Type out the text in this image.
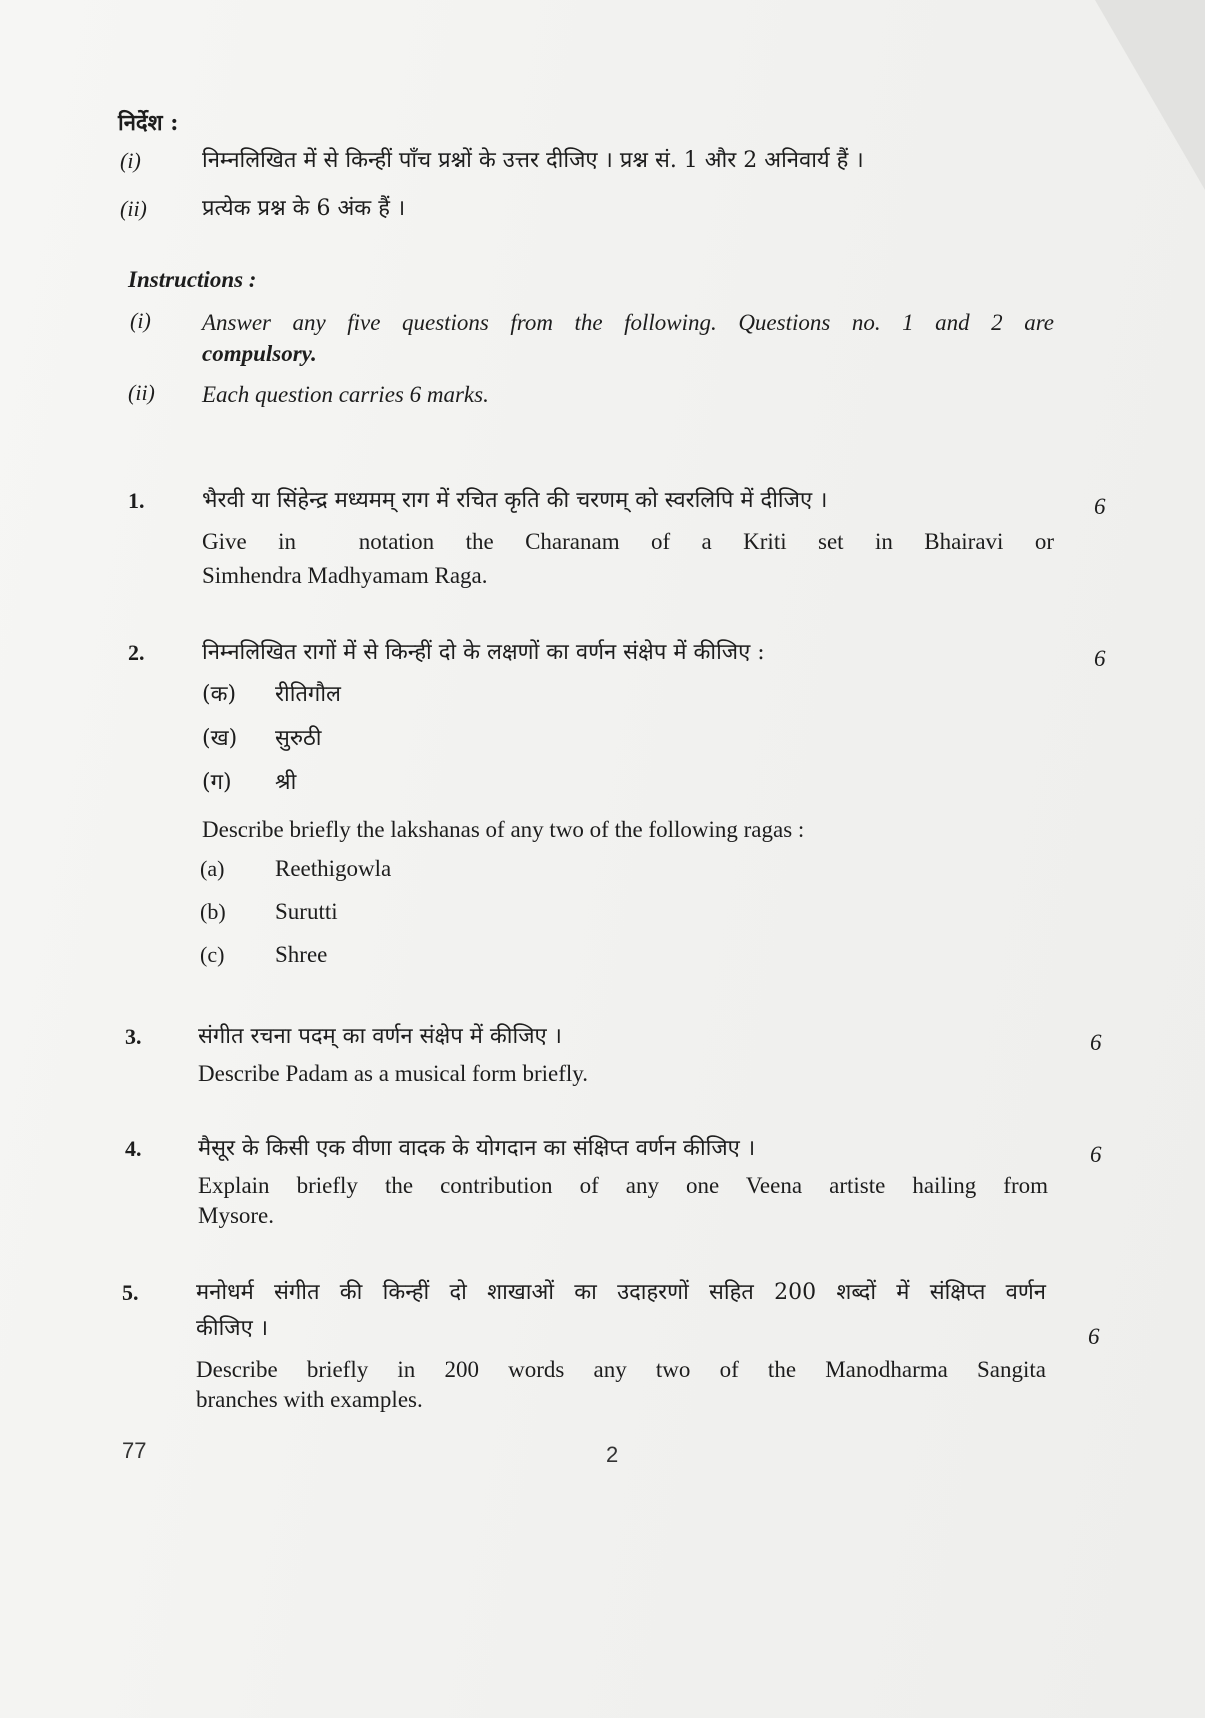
निर्देश :
(i)	निम्नलिखित में से किन्हीं पाँच प्रश्नों के उत्तर दीजिए । प्रश्न सं. 1 और 2 अनिवार्य हैं ।
(ii)	प्रत्येक प्रश्न के 6 अंक हैं ।
Instructions :
(i) Answer any five questions from the following. Questions no. 1 and 2 are
compulsory.
(ii) Each question carries 6 marks.
1.	भैरवी या सिंहेन्द्र मध्यमम् राग में रचित कृति की चरणम् को स्वरलिपि में दीजिए ।	6
Give in  notation the Charanam of a Kriti set in Bhairavi or
Simhendra Madhyamam Raga.
2.	निम्नलिखित रागों में से किन्हीं दो के लक्षणों का वर्णन संक्षेप में कीजिए :	6
(क) रीतिगौल
(ख) सुरुठी
(ग) श्री
Describe briefly the lakshanas of any two of the following ragas :
(a) Reethigowla
(b) Surutti
(c) Shree
3.	संगीत रचना पदम् का वर्णन संक्षेप में कीजिए ।	6
Describe Padam as a musical form briefly.
4.	मैसूर के किसी एक वीणा वादक के योगदान का संक्षिप्त वर्णन कीजिए ।	6
Explain briefly the contribution of any one Veena artiste hailing from
Mysore.
5.	मनोधर्म संगीत की किन्हीं दो शाखाओं का उदाहरणों सहित 200 शब्दों में संक्षिप्त वर्णन
कीजिए ।	6
Describe briefly in 200 words any two of the Manodharma Sangita
branches with examples.
77	2
